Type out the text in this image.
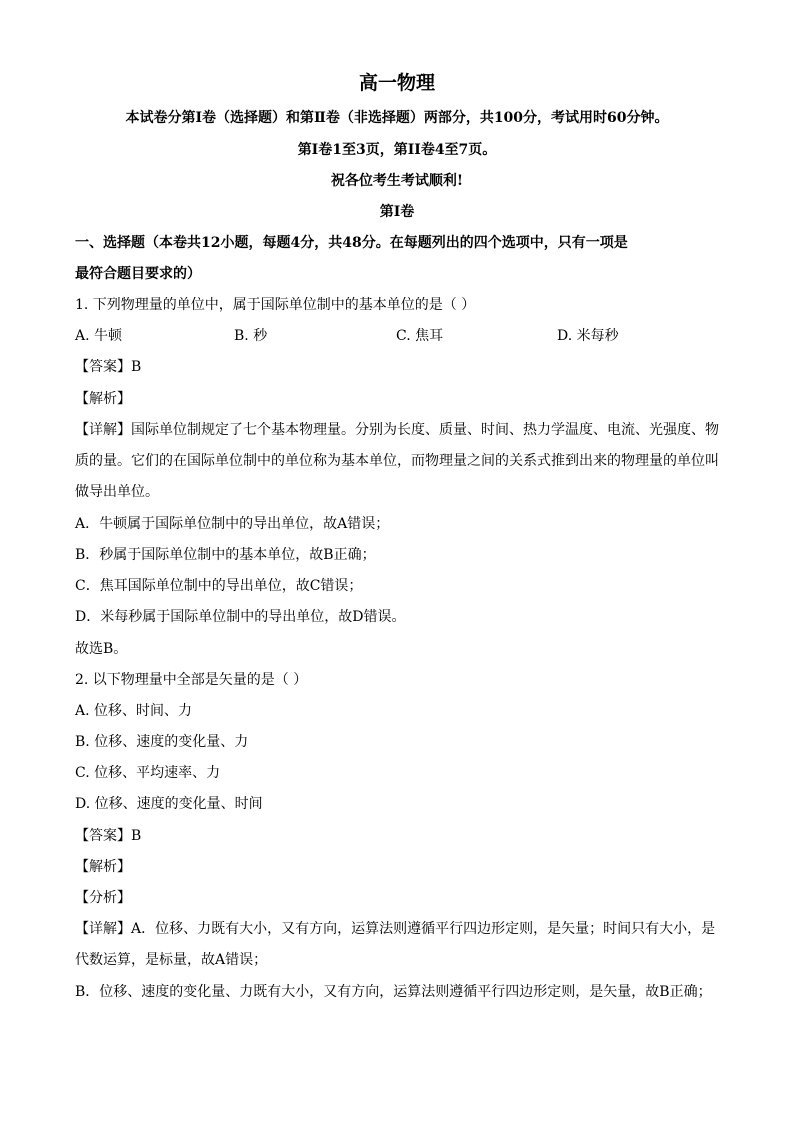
高一物理
本试卷分第Ⅰ卷（选择题）和第Ⅱ卷（非选择题）两部分，共100分，考试用时60分钟。
第Ⅰ卷1至3页，第II卷4至7页。
祝各位考生考试顺利!
第Ⅰ卷
一、选择题（本卷共12小题，每题4分，共48分。在每题列出的四个选项中，只有一项是
最符合题目要求的）
1. 下列物理量的单位中，属于国际单位制中的基本单位的是（ ）
A. 牛顿	B. 秒	C. 焦耳	D. 米每秒
【答案】B
【解析】
【详解】国际单位制规定了七个基本物理量。分别为长度、质量、时间、热力学温度、电流、光强度、物
质的量。它们的在国际单位制中的单位称为基本单位，而物理量之间的关系式推到出来的物理量的单位叫
做导出单位。
A．牛顿属于国际单位制中的导出单位，故A错误；
B．秒属于国际单位制中的基本单位，故B正确；
C．焦耳国际单位制中的导出单位，故C错误；
D．米每秒属于国际单位制中的导出单位，故D错误。
故选B。
2. 以下物理量中全部是矢量的是（ ）
A. 位移、时间、力
B. 位移、速度的变化量、力
C. 位移、平均速率、力
D. 位移、速度的变化量、时间
【答案】B
【解析】
【分析】
【详解】A．位移、力既有大小，又有方向，运算法则遵循平行四边形定则，是矢量；时间只有大小，是
代数运算，是标量，故A错误；
B．位移、速度的变化量、力既有大小，又有方向，运算法则遵循平行四边形定则，是矢量，故B正确；
